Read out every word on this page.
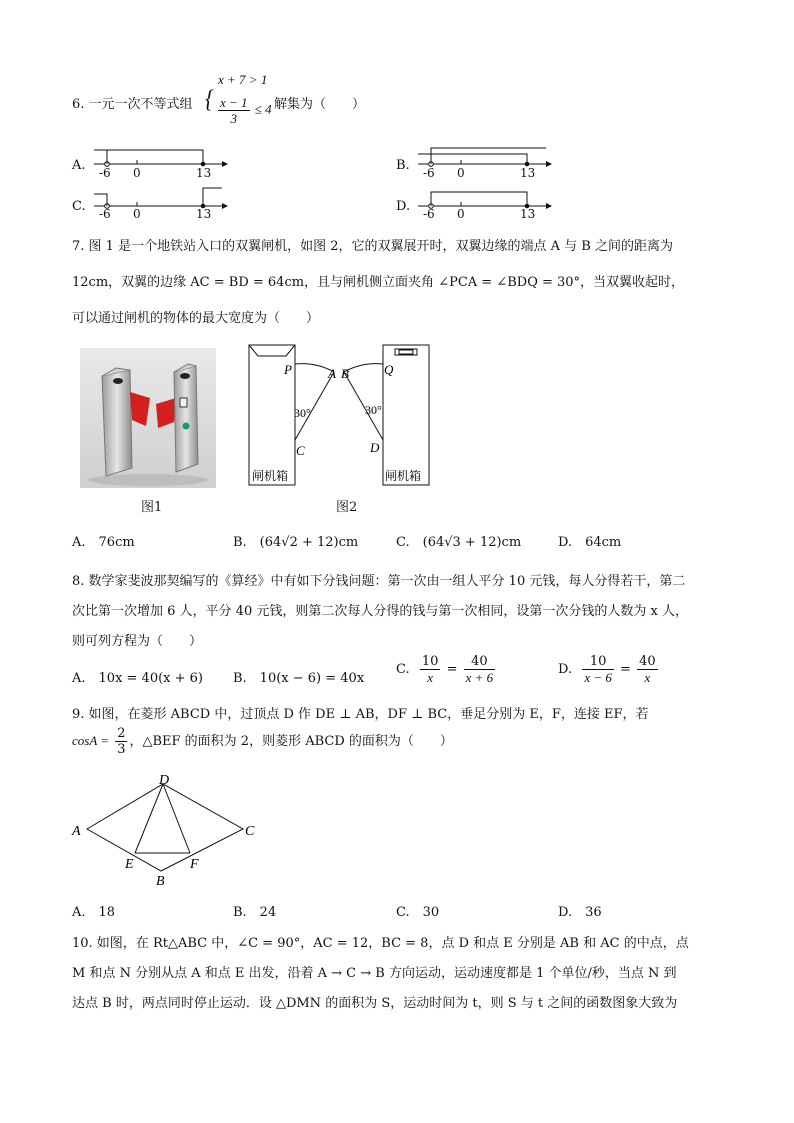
6. 一元一次不等式组 {
x + 7 > 1
$\frac{x - 1}{3} \le 4$ 解集为（　　）
A.	B.
C.	D.
-6 0	13	-6 0	13
-6 0	13	-6 0	13
7. 图 1 是一个地铁站入口的双翼闸机，如图 2，它的双翼展开时，双翼边缘的端点 A 与 B 之间的距离为
12cm，双翼的边缘 AC = BD = 64cm，且与闸机侧立面夹角 ∠PCA = ∠BDQ = 30°，当双翼收起时，
可以通过闸机的物体的最大宽度为（　　）
图1
P	A B	Q
30°	30°
C	D
闸机箱	闸机箱
图2
A.　76cm	B.　(64√2 + 12)cm	C.　(64√3 + 12)cm	D.　64cm
8. 数学家斐波那契编写的《算经》中有如下分钱问题：第一次由一组人平分 10 元钱，每人分得若干，第二
次比第一次增加 6 人，平分 40 元钱，则第二次每人分得的钱与第一次相同，设第一次分钱的人数为 x 人，
则可列方程为（　　）
A.　10x = 40(x + 6) B.　10(x − 6) = 40x
C. $\frac{10}{x} = \frac{40}{x + 6}$	D. $\frac{10}{x - 6} = \frac{40}{x}$
9. 如图，在菱形 ABCD 中，过顶点 D 作 DE ⊥ AB，DF ⊥ BC，垂足分别为 E，F，连接 EF，若
$\cos A = \frac{2}{3}$ ，△BEF 的面积为 2，则菱形 ABCD 的面积为（　　）
D
A	C
E	F
B
A.　18	B.　24	C.　30	D.　36
10. 如图，在 Rt△ABC 中，∠C = 90°，AC = 12，BC = 8，点 D 和点 E 分别是 AB 和 AC 的中点，点
M 和点 N 分别从点 A 和点 E 出发，沿着 A → C → B 方向运动，运动速度都是 1 个单位/秒，当点 N 到
达点 B 时，两点同时停止运动．设 △DMN 的面积为 S，运动时间为 t，则 S 与 t 之间的函数图象大致为
